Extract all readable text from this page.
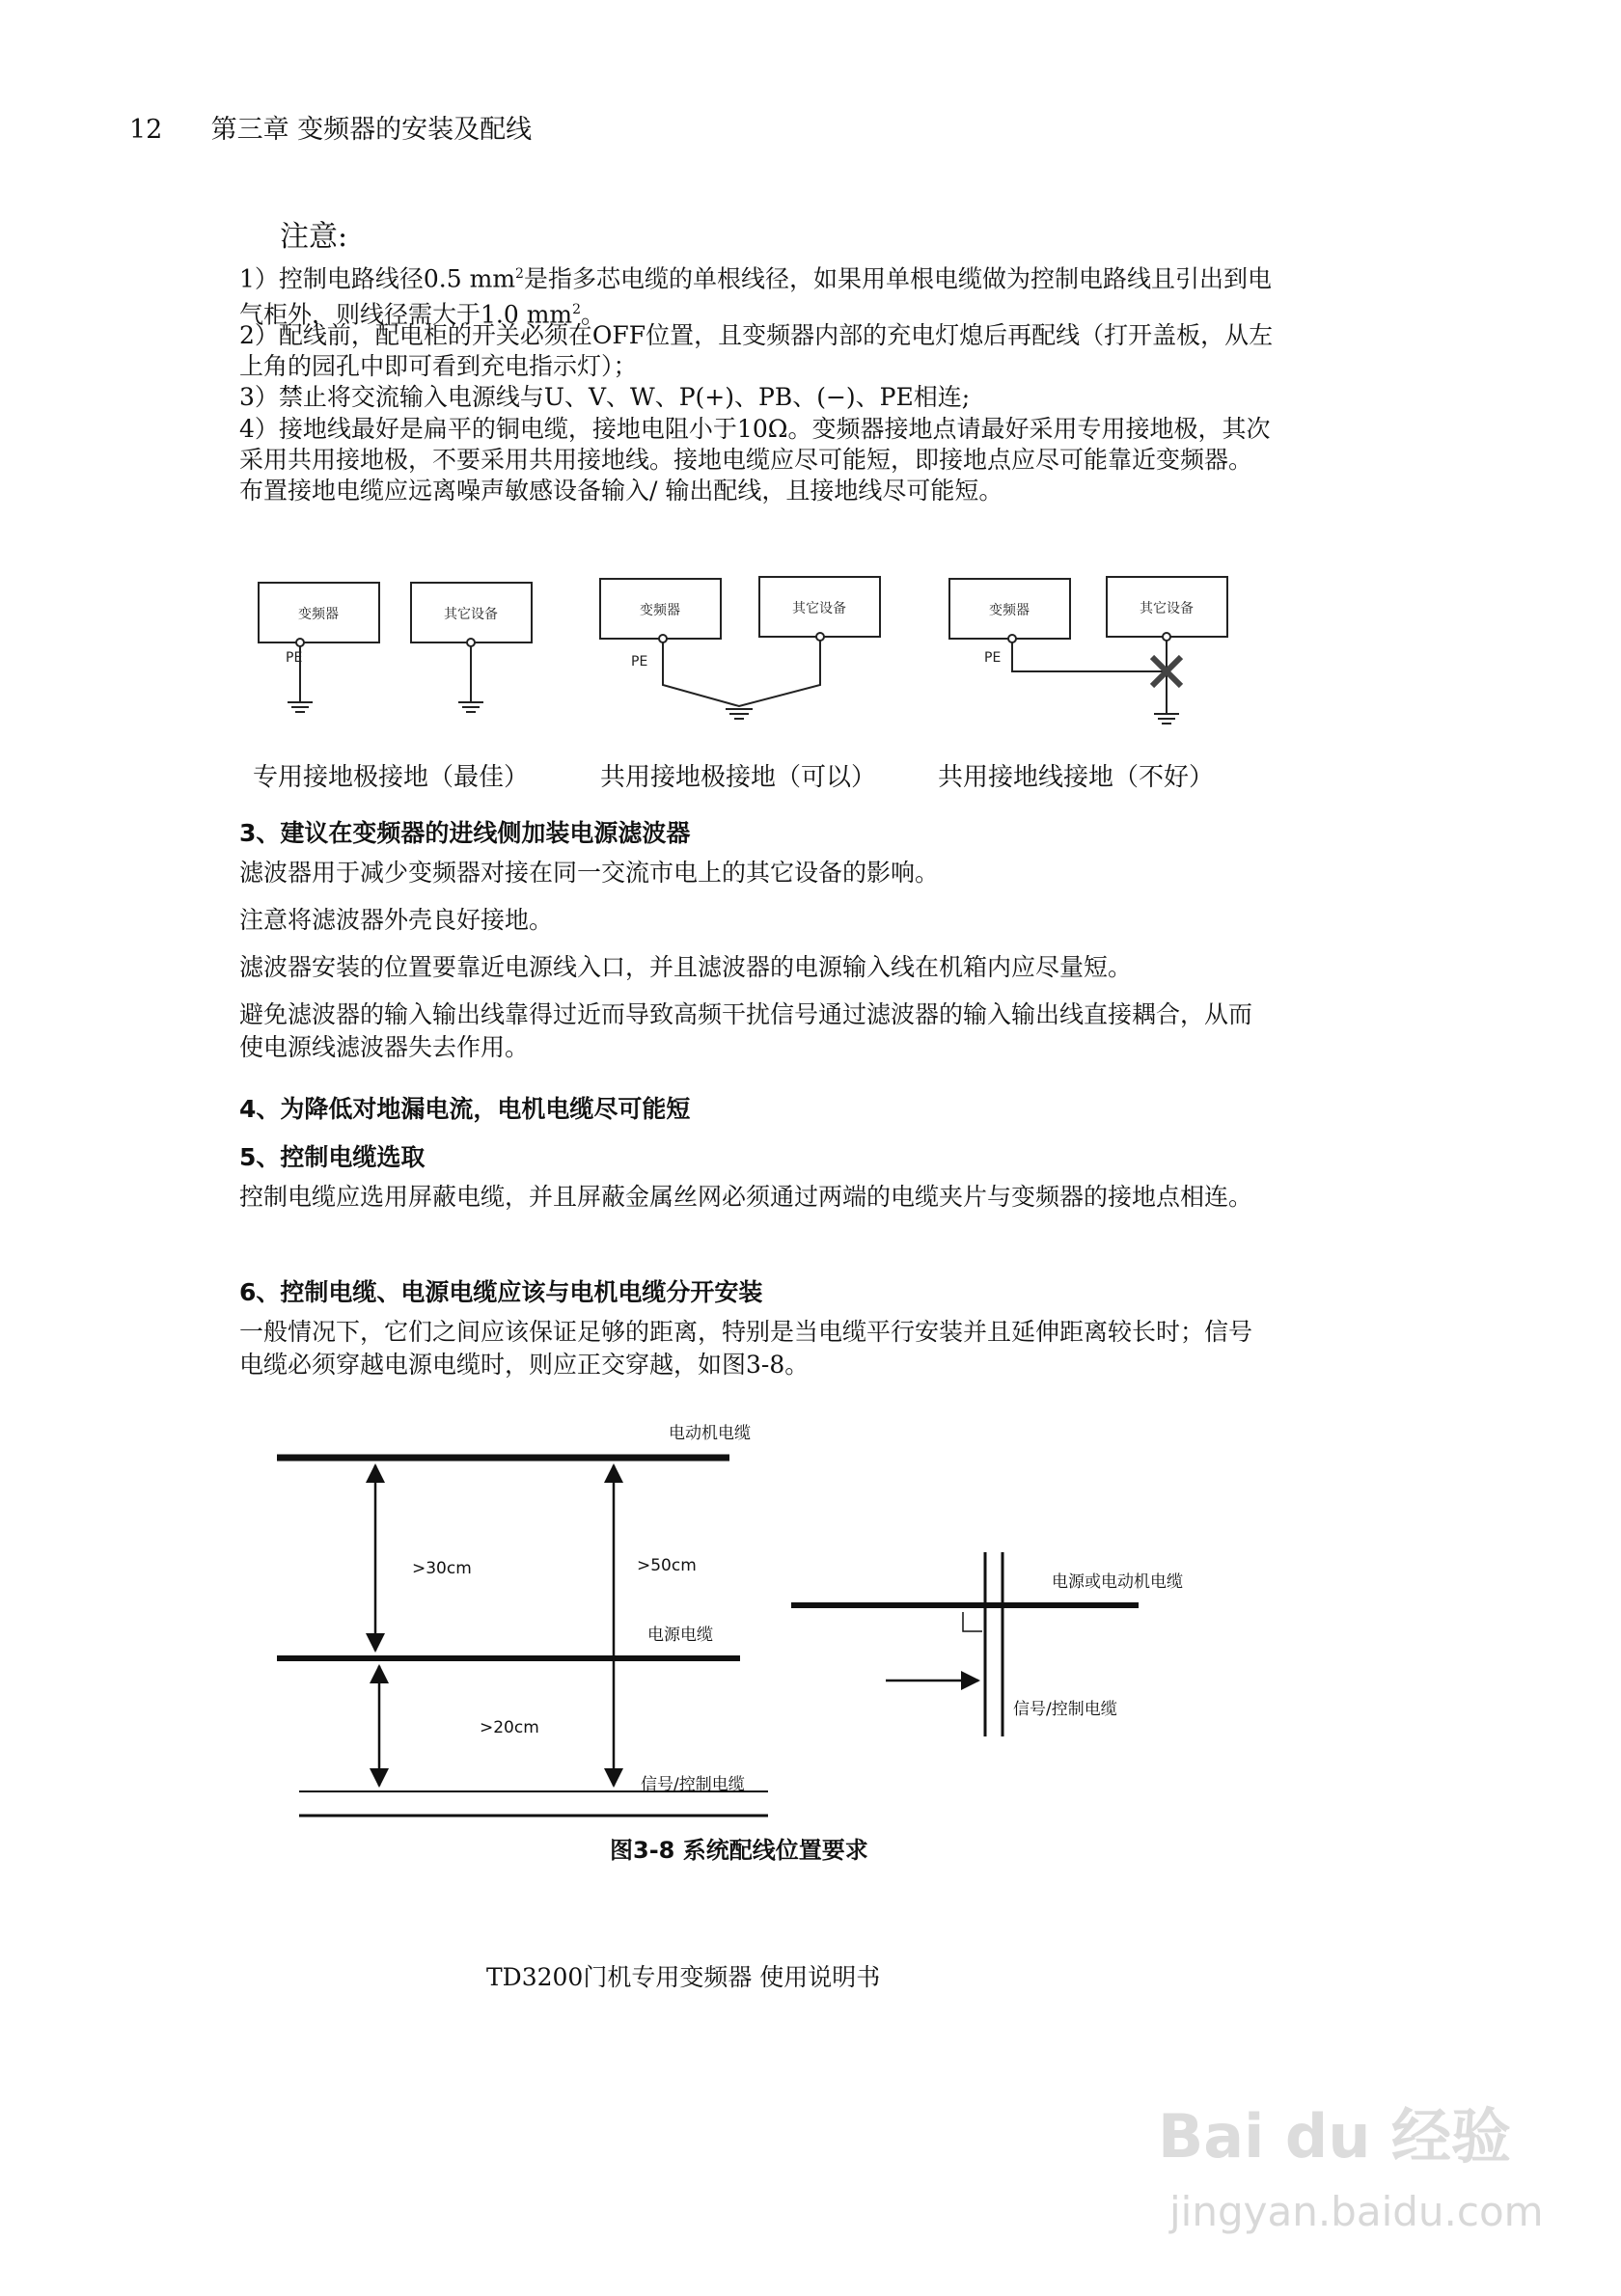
12 第三章 变频器的安装及配线
注意:

1）控制电路线径0.5 $mm^2$是指多芯电缆的单根线径，如果用单根电缆做为控制电路线且引出到电气柜外，则线径需大于1.0 $mm^2$。

2）配线前，配电柜的开关必须在OFF位置，且变频器内部的充电灯熄后再配线（打开盖板，从左上角的园孔中即可看到充电指示灯）；

3）禁止将交流输入电源线与U、V、W、P(+)、PB、(−)、PE相连;

4）接地线最好是扁平的铜电缆，接地电阻小于10Ω。变频器接地点请最好采用专用接地极，其次采用共用接地极，不要采用共用接地线。接地电缆应尽可能短，即接地点应尽可能靠近变频器。布置接地电缆应远离噪声敏感设备输入/ 输出配线，且接地线尽可能短。

变频器	其它设备	变频器	其它设备	变频器	其它设备
PE	PE	PE
专用接地极接地（最佳）	共用接地极接地（可以） 共用接地线接地（不好）
3、建议在变频器的进线侧加装电源滤波器

滤波器用于减少变频器对接在同一交流市电上的其它设备的影响。

注意将滤波器外壳良好接地。

滤波器安装的位置要靠近电源线入口，并且滤波器的电源输入线在机箱内应尽量短。

避免滤波器的输入输出线靠得过近而导致高频干扰信号通过滤波器的输入输出线直接耦合，从而使电源线滤波器失去作用。

4、为降低对地漏电流，电机电缆尽可能短
5、控制电缆选取

控制电缆应选用屏蔽电缆，并且屏蔽金属丝网必须通过两端的电缆夹片与变频器的接地点相连。

6、控制电缆、电源电缆应该与电机电缆分开安装

一般情况下，它们之间应该保证足够的距离，特别是当电缆平行安装并且延伸距离较长时；信号电缆必须穿越电源电缆时，则应正交穿越，如图3-8。

电动机电缆
电源电缆
信号/控制电缆
>30cm	>50cm
>20cm
电源或电动机电缆
信号/控制电缆
图3-8 系统配线位置要求
TD3200门机专用变频器 使用说明书
Bai du 经验
jingyan.baidu.com
